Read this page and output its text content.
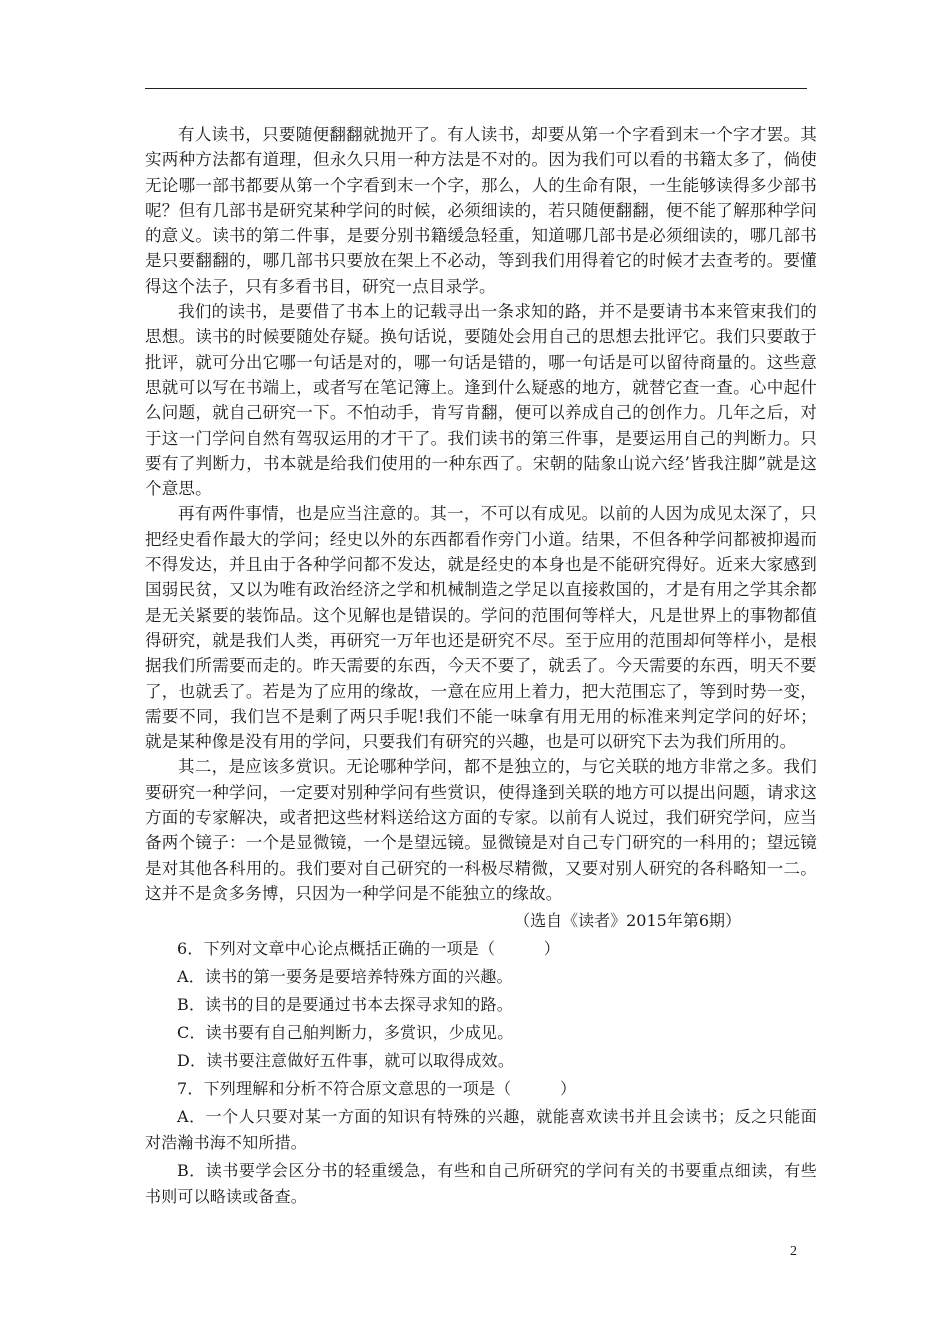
有人读书，只要随便翻翻就抛开了。有人读书，却要从第一个字看到末一个字才罢。其实两种方法都有道理，但永久只用一种方法是不对的。因为我们可以看的书籍太多了，倘使无论哪一部书都要从第一个字看到末一个字，那么，人的生命有限，一生能够读得多少部书呢？但有几部书是研究某种学问的时候，必须细读的，若只随便翻翻，便不能了解那种学问的意义。读书的第二件事，是要分别书籍缓急轻重，知道哪几部书是必须细读的，哪几部书是只要翻翻的，哪几部书只要放在架上不必动，等到我们用得着它的时候才去查考的。要懂得这个法子，只有多看书目，研究一点目录学。

我们的读书，是要借了书本上的记载寻出一条求知的路，并不是要请书本来管束我们的思想。读书的时候要随处存疑。换句话说，要随处会用自己的思想去批评它。我们只要敢于批评，就可分出它哪一句话是对的，哪一句话是错的，哪一句话是可以留待商量的。这些意思就可以写在书端上，或者写在笔记簿上。逢到什么疑惑的地方，就替它查一查。心中起什么问题，就自己研究一下。不怕动手，肯写肯翻，便可以养成自己的创作力。几年之后，对于这一门学问自然有驾驭运用的才干了。我们读书的第三件事，是要运用自己的判断力。只要有了判断力，书本就是给我们使用的一种东西了。宋朝的陆象山说六经’皆我注脚”就是这个意思。

再有两件事情，也是应当注意的。其一，不可以有成见。以前的人因为成见太深了，只把经史看作最大的学问；经史以外的东西都看作旁门小道。结果，不但各种学问都被抑遏而不得发达，并且由于各种学问都不发达，就是经史的本身也是不能研究得好。近来大家感到国弱民贫，又以为唯有政治经济之学和机械制造之学足以直接救国的，才是有用之学其余都是无关紧要的装饰品。这个见解也是错误的。学问的范围何等样大，凡是世界上的事物都值得研究，就是我们人类，再研究一万年也还是研究不尽。至于应用的范围却何等样小，是根据我们所需要而走的。昨天需要的东西，今天不要了，就丢了。今天需要的东西，明天不要了，也就丢了。若是为了应用的缘故，一意在应用上着力，把大范围忘了，等到时势一变，需要不同，我们岂不是剩了两只手呢!我们不能一味拿有用无用的标准来判定学问的好坏；就是某种像是没有用的学问，只要我们有研究的兴趣，也是可以研究下去为我们所用的。

其二，是应该多赏识。无论哪种学问，都不是独立的，与它关联的地方非常之多。我们要研究一种学问，一定要对别种学问有些赏识，使得逢到关联的地方可以提出问题，请求这方面的专家解决，或者把这些材料送给这方面的专家。以前有人说过，我们研究学问，应当备两个镜子：一个是显微镜，一个是望远镜。显微镜是对自己专门研究的一科用的；望远镜是对其他各科用的。我们要对自己研究的一科极尽精微，又要对别人研究的各科略知一二。这并不是贪多务博，只因为一种学问是不能独立的缘故。

（选自《读者》2015年第6期）

6．下列对文章中心论点概括正确的一项是（　　　）

A．读书的第一要务是要培养特殊方面的兴趣。

B．读书的目的是要通过书本去探寻求知的路。

C．读书要有自己舶判断力，多赏识，少成见。

D．读书要注意做好五件事，就可以取得成效。

7．下列理解和分析不符合原文意思的一项是（　　　）

A．一个人只要对某一方面的知识有特殊的兴趣，就能喜欢读书并且会读书；反之只能面对浩瀚书海不知所措。

B．读书要学会区分书的轻重缓急，有些和自己所研究的学问有关的书要重点细读，有些书则可以略读或备查。

2
